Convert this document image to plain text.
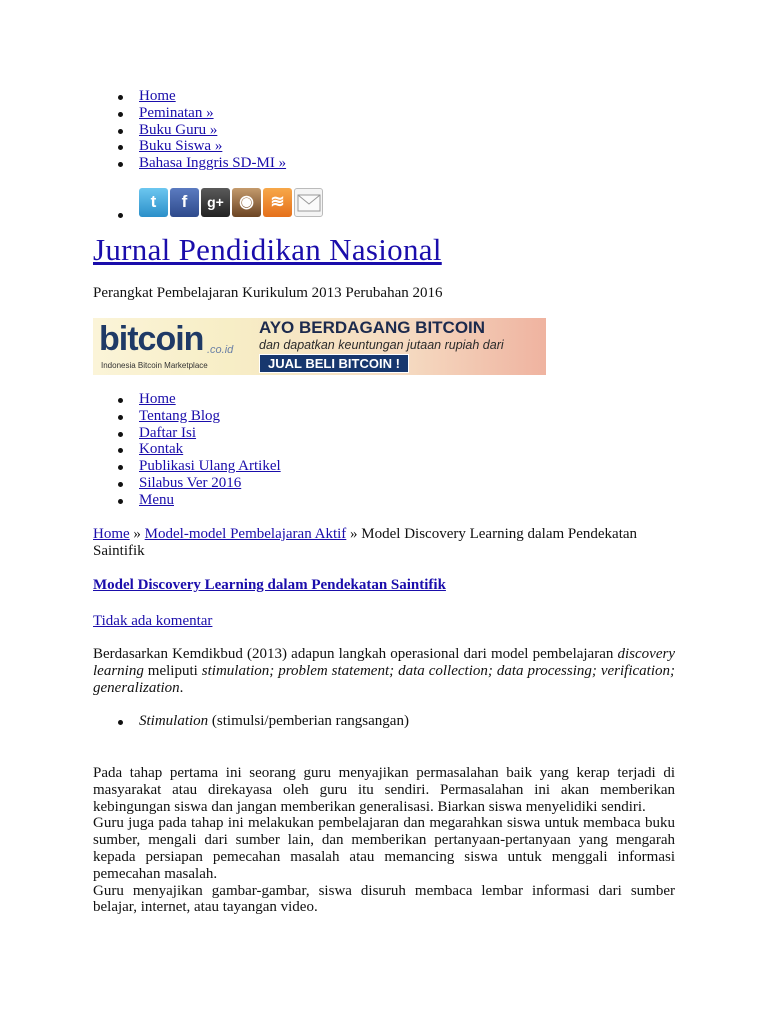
Home
Peminatan »
Buku Guru »
Buku Siswa »
Bahasa Inggris SD-MI »
t	f	g+ ◉ ≋
Jurnal Pendidikan Nasional
Perangkat Pembelajaran Kurikulum 2013 Perubahan 2016
bitcoin .co.id
Indonesia Bitcoin Marketplace
AYO BERDAGANG BITCOIN
dan dapatkan keuntungan jutaan rupiah dari
JUAL BELI BITCOIN !
Home
Tentang Blog
Daftar Isi
Kontak
Publikasi Ulang Artikel
Silabus Ver 2016
Menu
Home » Model-model Pembelajaran Aktif » Model Discovery Learning dalam Pendekatan Saintifik
Model Discovery Learning dalam Pendekatan Saintifik
Tidak ada komentar

Berdasarkan Kemdikbud (2013) adapun langkah operasional dari model pembelajaran discovery learning meliputi stimulation; problem statement; data collection; data processing; verification; generalization.

Stimulation (stimulsi/pemberian rangsangan)
Pada tahap pertama ini seorang guru menyajikan permasalahan baik yang kerap terjadi di masyarakat atau direkayasa oleh guru itu sendiri. Permasalahan ini akan memberikan kebingungan siswa dan jangan memberikan generalisasi. Biarkan siswa menyelidiki sendiri.
Guru juga pada tahap ini melakukan pembelajaran dan megarahkan siswa untuk membaca buku sumber, mengali dari sumber lain, dan memberikan pertanyaan-pertanyaan yang mengarah kepada persiapan pemecahan masalah atau memancing siswa untuk menggali informasi pemecahan masalah.
Guru menyajikan gambar-gambar, siswa disuruh membaca lembar informasi dari sumber belajar, internet, atau tayangan video.
